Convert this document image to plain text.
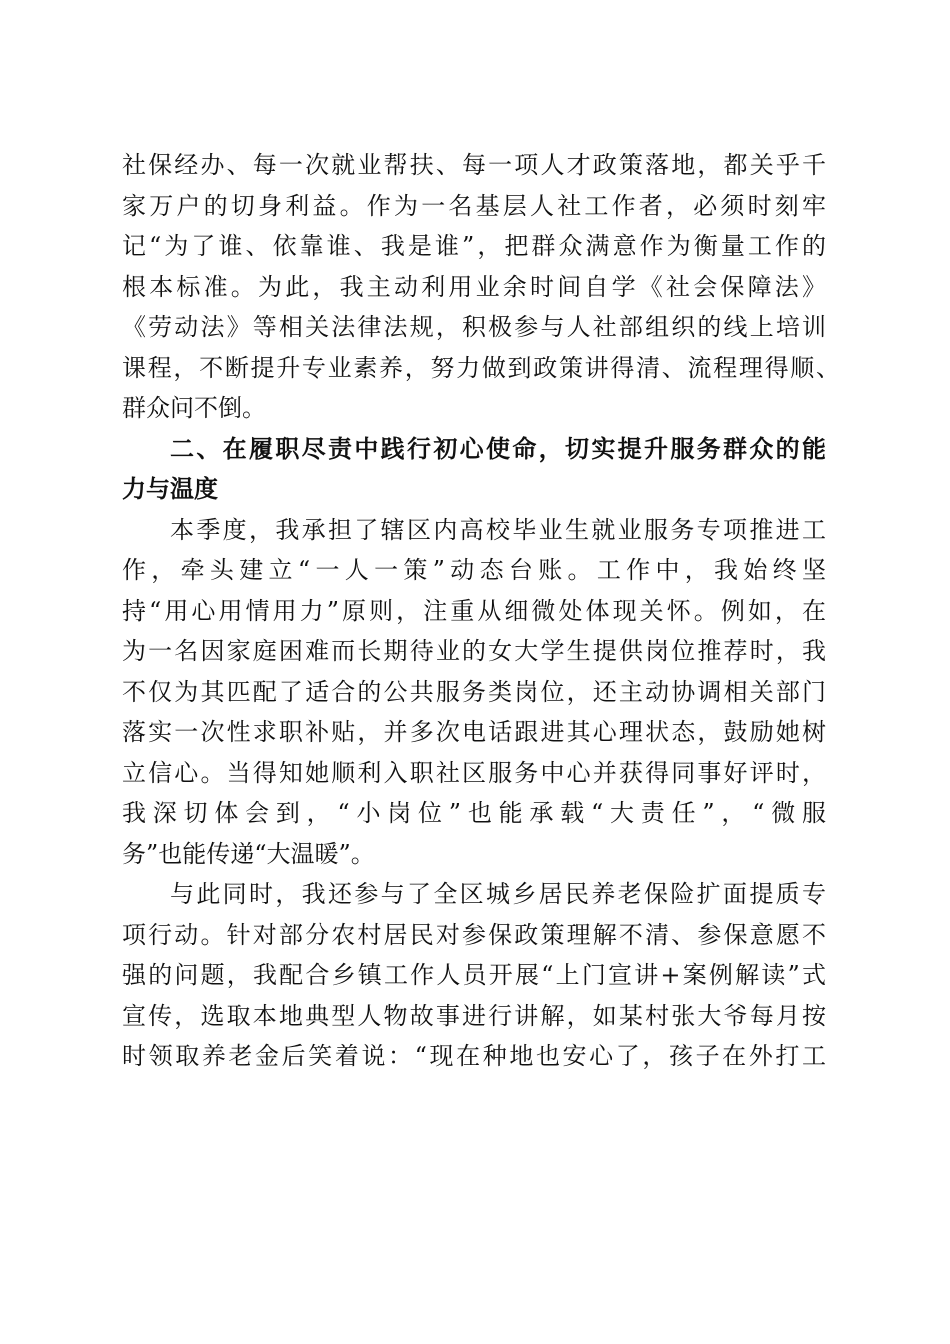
社保经办、每一次就业帮扶、每一项人才政策落地，都关乎千
家万户的切身利益。作为一名基层人社工作者，必须时刻牢
记“为了谁、依靠谁、我是谁”，把群众满意作为衡量工作的
根本标准。为此，我主动利用业余时间自学《社会保障法》
《劳动法》等相关法律法规，积极参与人社部组织的线上培训
课程，不断提升专业素养，努力做到政策讲得清、流程理得顺、
群众问不倒。
二、在履职尽责中践行初心使命，切实提升服务群众的能
力与温度
本季度，我承担了辖区内高校毕业生就业服务专项推进工
作，牵头建立“一人一策”动态台账。工作中，我始终坚
持“用心用情用力”原则，注重从细微处体现关怀。例如，在
为一名因家庭困难而长期待业的女大学生提供岗位推荐时，我
不仅为其匹配了适合的公共服务类岗位，还主动协调相关部门
落实一次性求职补贴，并多次电话跟进其心理状态，鼓励她树
立信心。当得知她顺利入职社区服务中心并获得同事好评时，
我深切体会到，“小岗位”也能承载“大责任”，“微服
务”也能传递“大温暖”。
与此同时，我还参与了全区城乡居民养老保险扩面提质专
项行动。针对部分农村居民对参保政策理解不清、参保意愿不
强的问题，我配合乡镇工作人员开展“上门宣讲+案例解读”式
宣传，选取本地典型人物故事进行讲解，如某村张大爷每月按
时领取养老金后笑着说：“现在种地也安心了，孩子在外打工
